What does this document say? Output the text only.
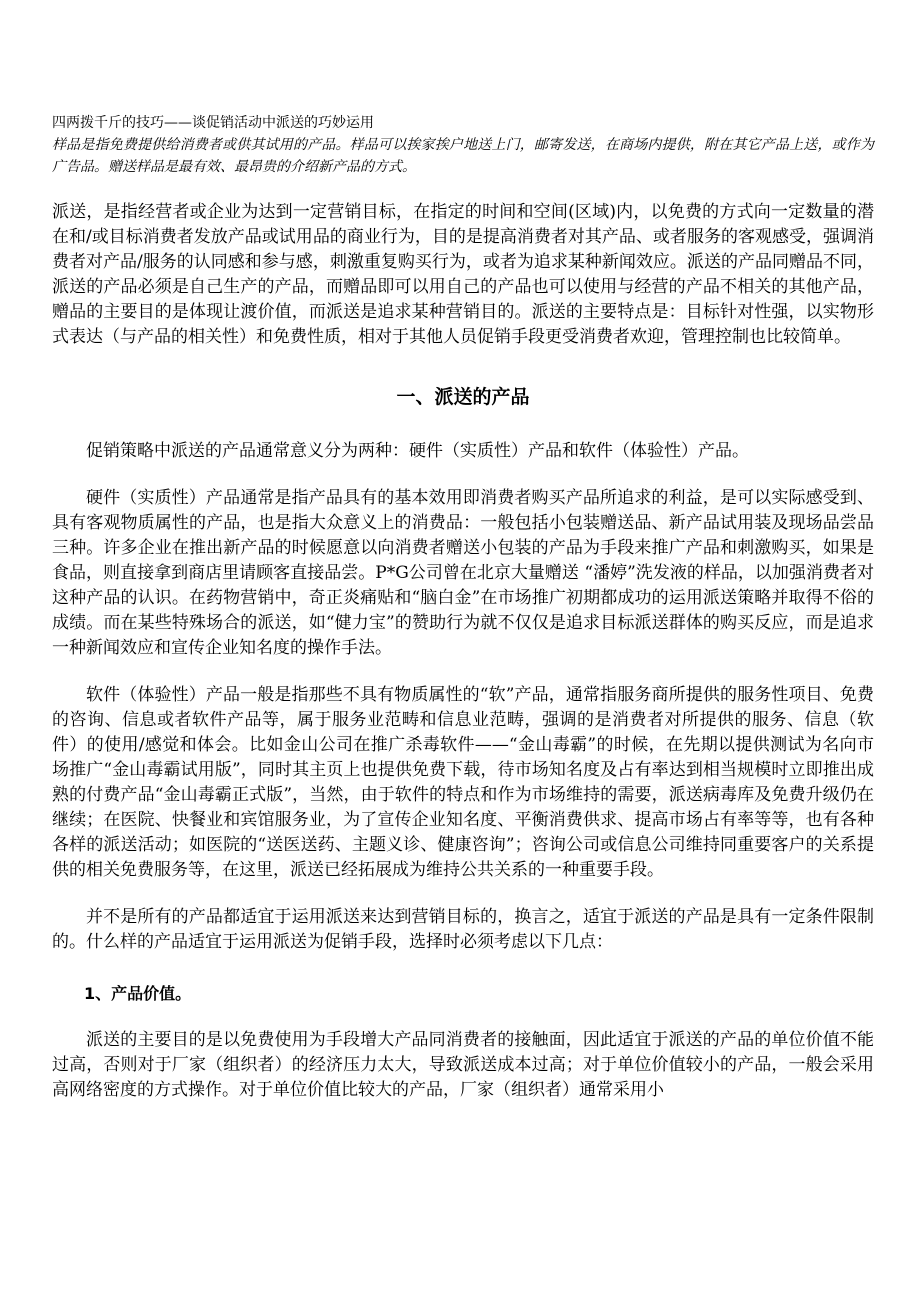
四两拨千斤的技巧——谈促销活动中派送的巧妙运用

样品是指免费提供给消费者或供其试用的产品。样品可以挨家挨户地送上门，邮寄发送，在商场内提供，附在其它产品上送，或作为广告品。赠送样品是最有效、最昂贵的介绍新产品的方式。

派送，是指经营者或企业为达到一定营销目标，在指定的时间和空间(区域)内，以免费的方式向一定数量的潜在和/或目标消费者发放产品或试用品的商业行为，目的是提高消费者对其产品、或者服务的客观感受，强调消费者对产品/服务的认同感和参与感，刺激重复购买行为，或者为追求某种新闻效应。派送的产品同赠品不同，派送的产品必须是自己生产的产品，而赠品即可以用自己的产品也可以使用与经营的产品不相关的其他产品，赠品的主要目的是体现让渡价值，而派送是追求某种营销目的。派送的主要特点是：目标针对性强，以实物形式表达（与产品的相关性）和免费性质，相对于其他人员促销手段更受消费者欢迎，管理控制也比较简单。

一、派送的产品

促销策略中派送的产品通常意义分为两种：硬件（实质性）产品和软件（体验性）产品。

硬件（实质性）产品通常是指产品具有的基本效用即消费者购买产品所追求的利益，是可以实际感受到、具有客观物质属性的产品，也是指大众意义上的消费品：一般包括小包装赠送品、新产品试用装及现场品尝品三种。许多企业在推出新产品的时候愿意以向消费者赠送小包装的产品为手段来推广产品和刺激购买，如果是食品，则直接拿到商店里请顾客直接品尝。P*G公司曾在北京大量赠送 “潘婷”洗发液的样品，以加强消费者对这种产品的认识。在药物营销中，奇正炎痛贴和“脑白金”在市场推广初期都成功的运用派送策略并取得不俗的成绩。而在某些特殊场合的派送，如“健力宝”的赞助行为就不仅仅是追求目标派送群体的购买反应，而是追求一种新闻效应和宣传企业知名度的操作手法。

软件（体验性）产品一般是指那些不具有物质属性的“软”产品，通常指服务商所提供的服务性项目、免费的咨询、信息或者软件产品等，属于服务业范畴和信息业范畴，强调的是消费者对所提供的服务、信息（软件）的使用/感觉和体会。比如金山公司在推广杀毒软件——“金山毒霸”的时候，在先期以提供测试为名向市场推广“金山毒霸试用版”，同时其主页上也提供免费下载，待市场知名度及占有率达到相当规模时立即推出成熟的付费产品“金山毒霸正式版”，当然，由于软件的特点和作为市场维持的需要，派送病毒库及免费升级仍在继续；在医院、快餐业和宾馆服务业，为了宣传企业知名度、平衡消费供求、提高市场占有率等等，也有各种各样的派送活动；如医院的“送医送药、主题义诊、健康咨询”；咨询公司或信息公司维持同重要客户的关系提供的相关免费服务等，在这里，派送已经拓展成为维持公共关系的一种重要手段。

并不是所有的产品都适宜于运用派送来达到营销目标的，换言之，适宜于派送的产品是具有一定条件限制的。什么样的产品适宜于运用派送为促销手段，选择时必须考虑以下几点：

1、产品价值。

派送的主要目的是以免费使用为手段增大产品同消费者的接触面，因此适宜于派送的产品的单位价值不能过高，否则对于厂家（组织者）的经济压力太大，导致派送成本过高；对于单位价值较小的产品，一般会采用高网络密度的方式操作。对于单位价值比较大的产品，厂家（组织者）通常采用小
